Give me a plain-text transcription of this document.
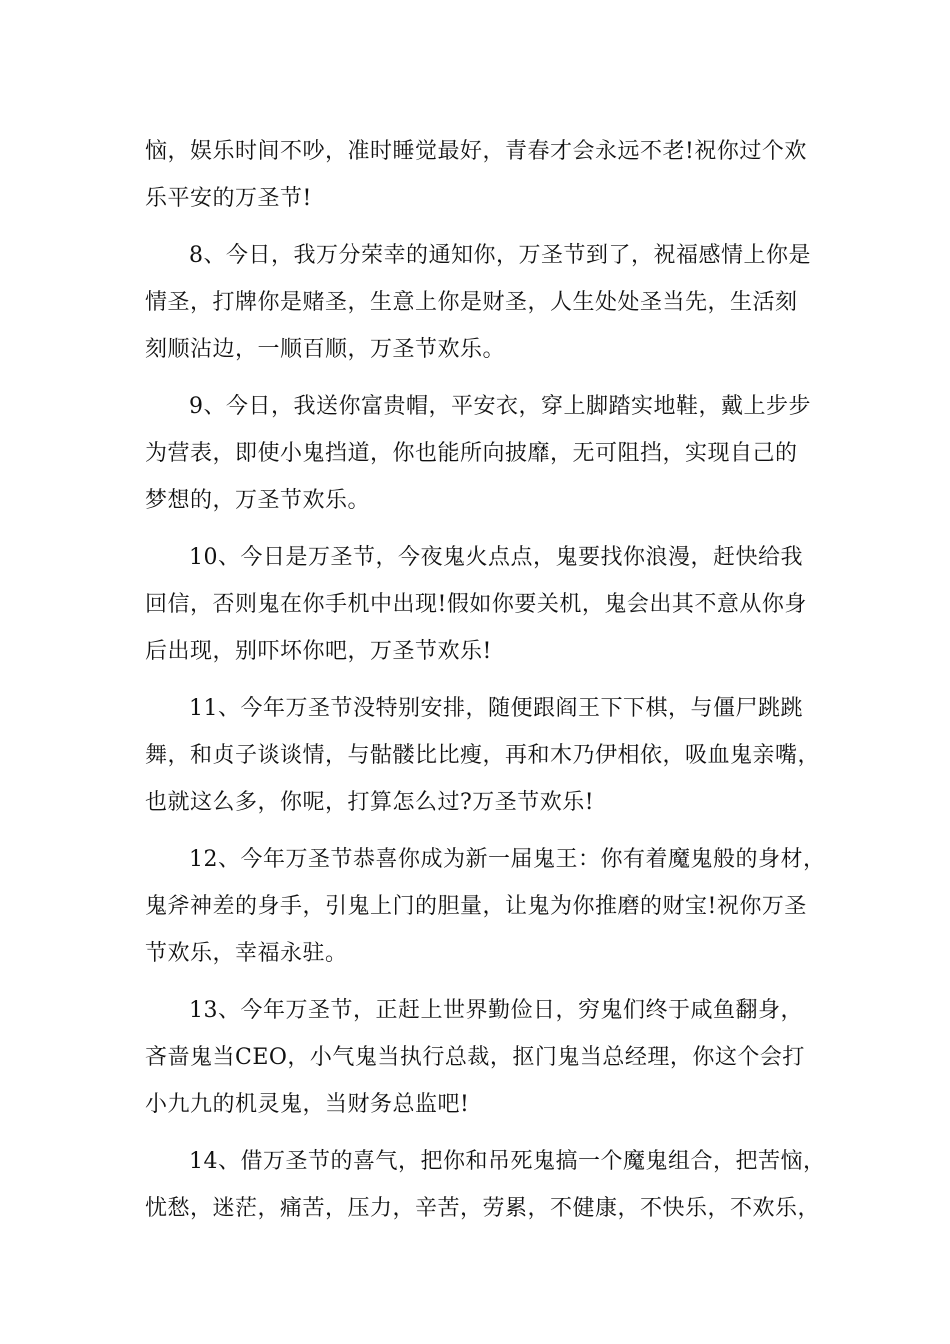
恼，娱乐时间不吵，准时睡觉最好，青春才会永远不老!祝你过个欢
乐平安的万圣节!
8、今日，我万分荣幸的通知你，万圣节到了，祝福感情上你是
情圣，打牌你是赌圣，生意上你是财圣，人生处处圣当先，生活刻
刻顺沾边，一顺百顺，万圣节欢乐。
9、今日，我送你富贵帽，平安衣，穿上脚踏实地鞋，戴上步步
为营表，即使小鬼挡道，你也能所向披靡，无可阻挡，实现自己的
梦想的，万圣节欢乐。
10、今日是万圣节，今夜鬼火点点，鬼要找你浪漫，赶快给我
回信，否则鬼在你手机中出现!假如你要关机，鬼会出其不意从你身
后出现，别吓坏你吧，万圣节欢乐!
11、今年万圣节没特别安排，随便跟阎王下下棋，与僵尸跳跳
舞，和贞子谈谈情，与骷髅比比瘦，再和木乃伊相依，吸血鬼亲嘴，
也就这么多，你呢，打算怎么过?万圣节欢乐!
12、今年万圣节恭喜你成为新一届鬼王：你有着魔鬼般的身材，
鬼斧神差的身手，引鬼上门的胆量，让鬼为你推磨的财宝!祝你万圣
节欢乐，幸福永驻。
13、今年万圣节，正赶上世界勤俭日，穷鬼们终于咸鱼翻身，
吝啬鬼当CEO，小气鬼当执行总裁，抠门鬼当总经理，你这个会打
小九九的机灵鬼，当财务总监吧!
14、借万圣节的喜气，把你和吊死鬼搞一个魔鬼组合，把苦恼，
忧愁，迷茫，痛苦，压力，辛苦，劳累，不健康，不快乐，不欢乐，
